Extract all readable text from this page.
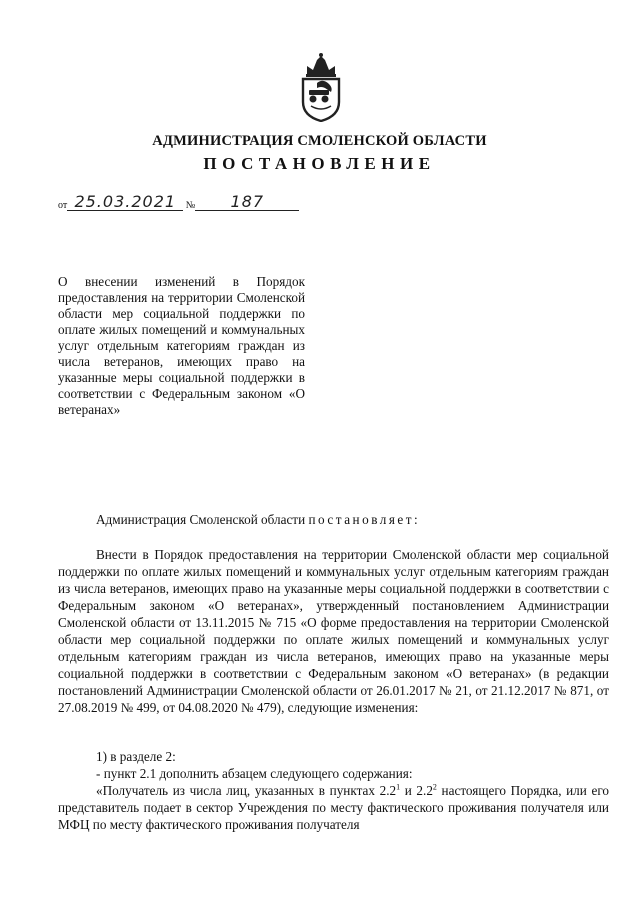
АДМИНИСТРАЦИЯ СМОЛЕНСКОЙ ОБЛАСТИ
ПОСТАНОВЛЕНИЕ
от 25.03.2021 № 187

О внесении изменений в Порядок предоставления на территории Смоленской области мер социальной поддержки по оплате жилых помещений и коммунальных услуг отдельным категориям граждан из числа ветеранов, имеющих право на указанные меры социальной поддержки в соответствии с Федеральным законом «О ветеранах»

Администрация Смоленской области постановляет:

Внести в Порядок предоставления на территории Смоленской области мер социальной поддержки по оплате жилых помещений и коммунальных услуг отдельным категориям граждан из числа ветеранов, имеющих право на указанные меры социальной поддержки в соответствии с Федеральным законом «О ветеранах», утвержденный постановлением Администрации Смоленской области от 13.11.2015 № 715 «О форме предоставления на территории Смоленской области мер социальной поддержки по оплате жилых помещений и коммунальных услуг отдельным категориям граждан из числа ветеранов, имеющих право на указанные меры социальной поддержки в соответствии с Федеральным законом «О ветеранах» (в редакции постановлений Администрации Смоленской области от 26.01.2017 № 21, от 21.12.2017 № 871, от 27.08.2019 № 499, от 04.08.2020 № 479), следующие изменения:

1) в разделе 2:
- пункт 2.1 дополнить абзацем следующего содержания:
«Получатель из числа лиц, указанных в пунктах $2.2^1$ и $2.2^2$ настоящего Порядка, или его представитель подает в сектор Учреждения по месту фактического проживания получателя или МФЦ по месту фактического проживания получателя
